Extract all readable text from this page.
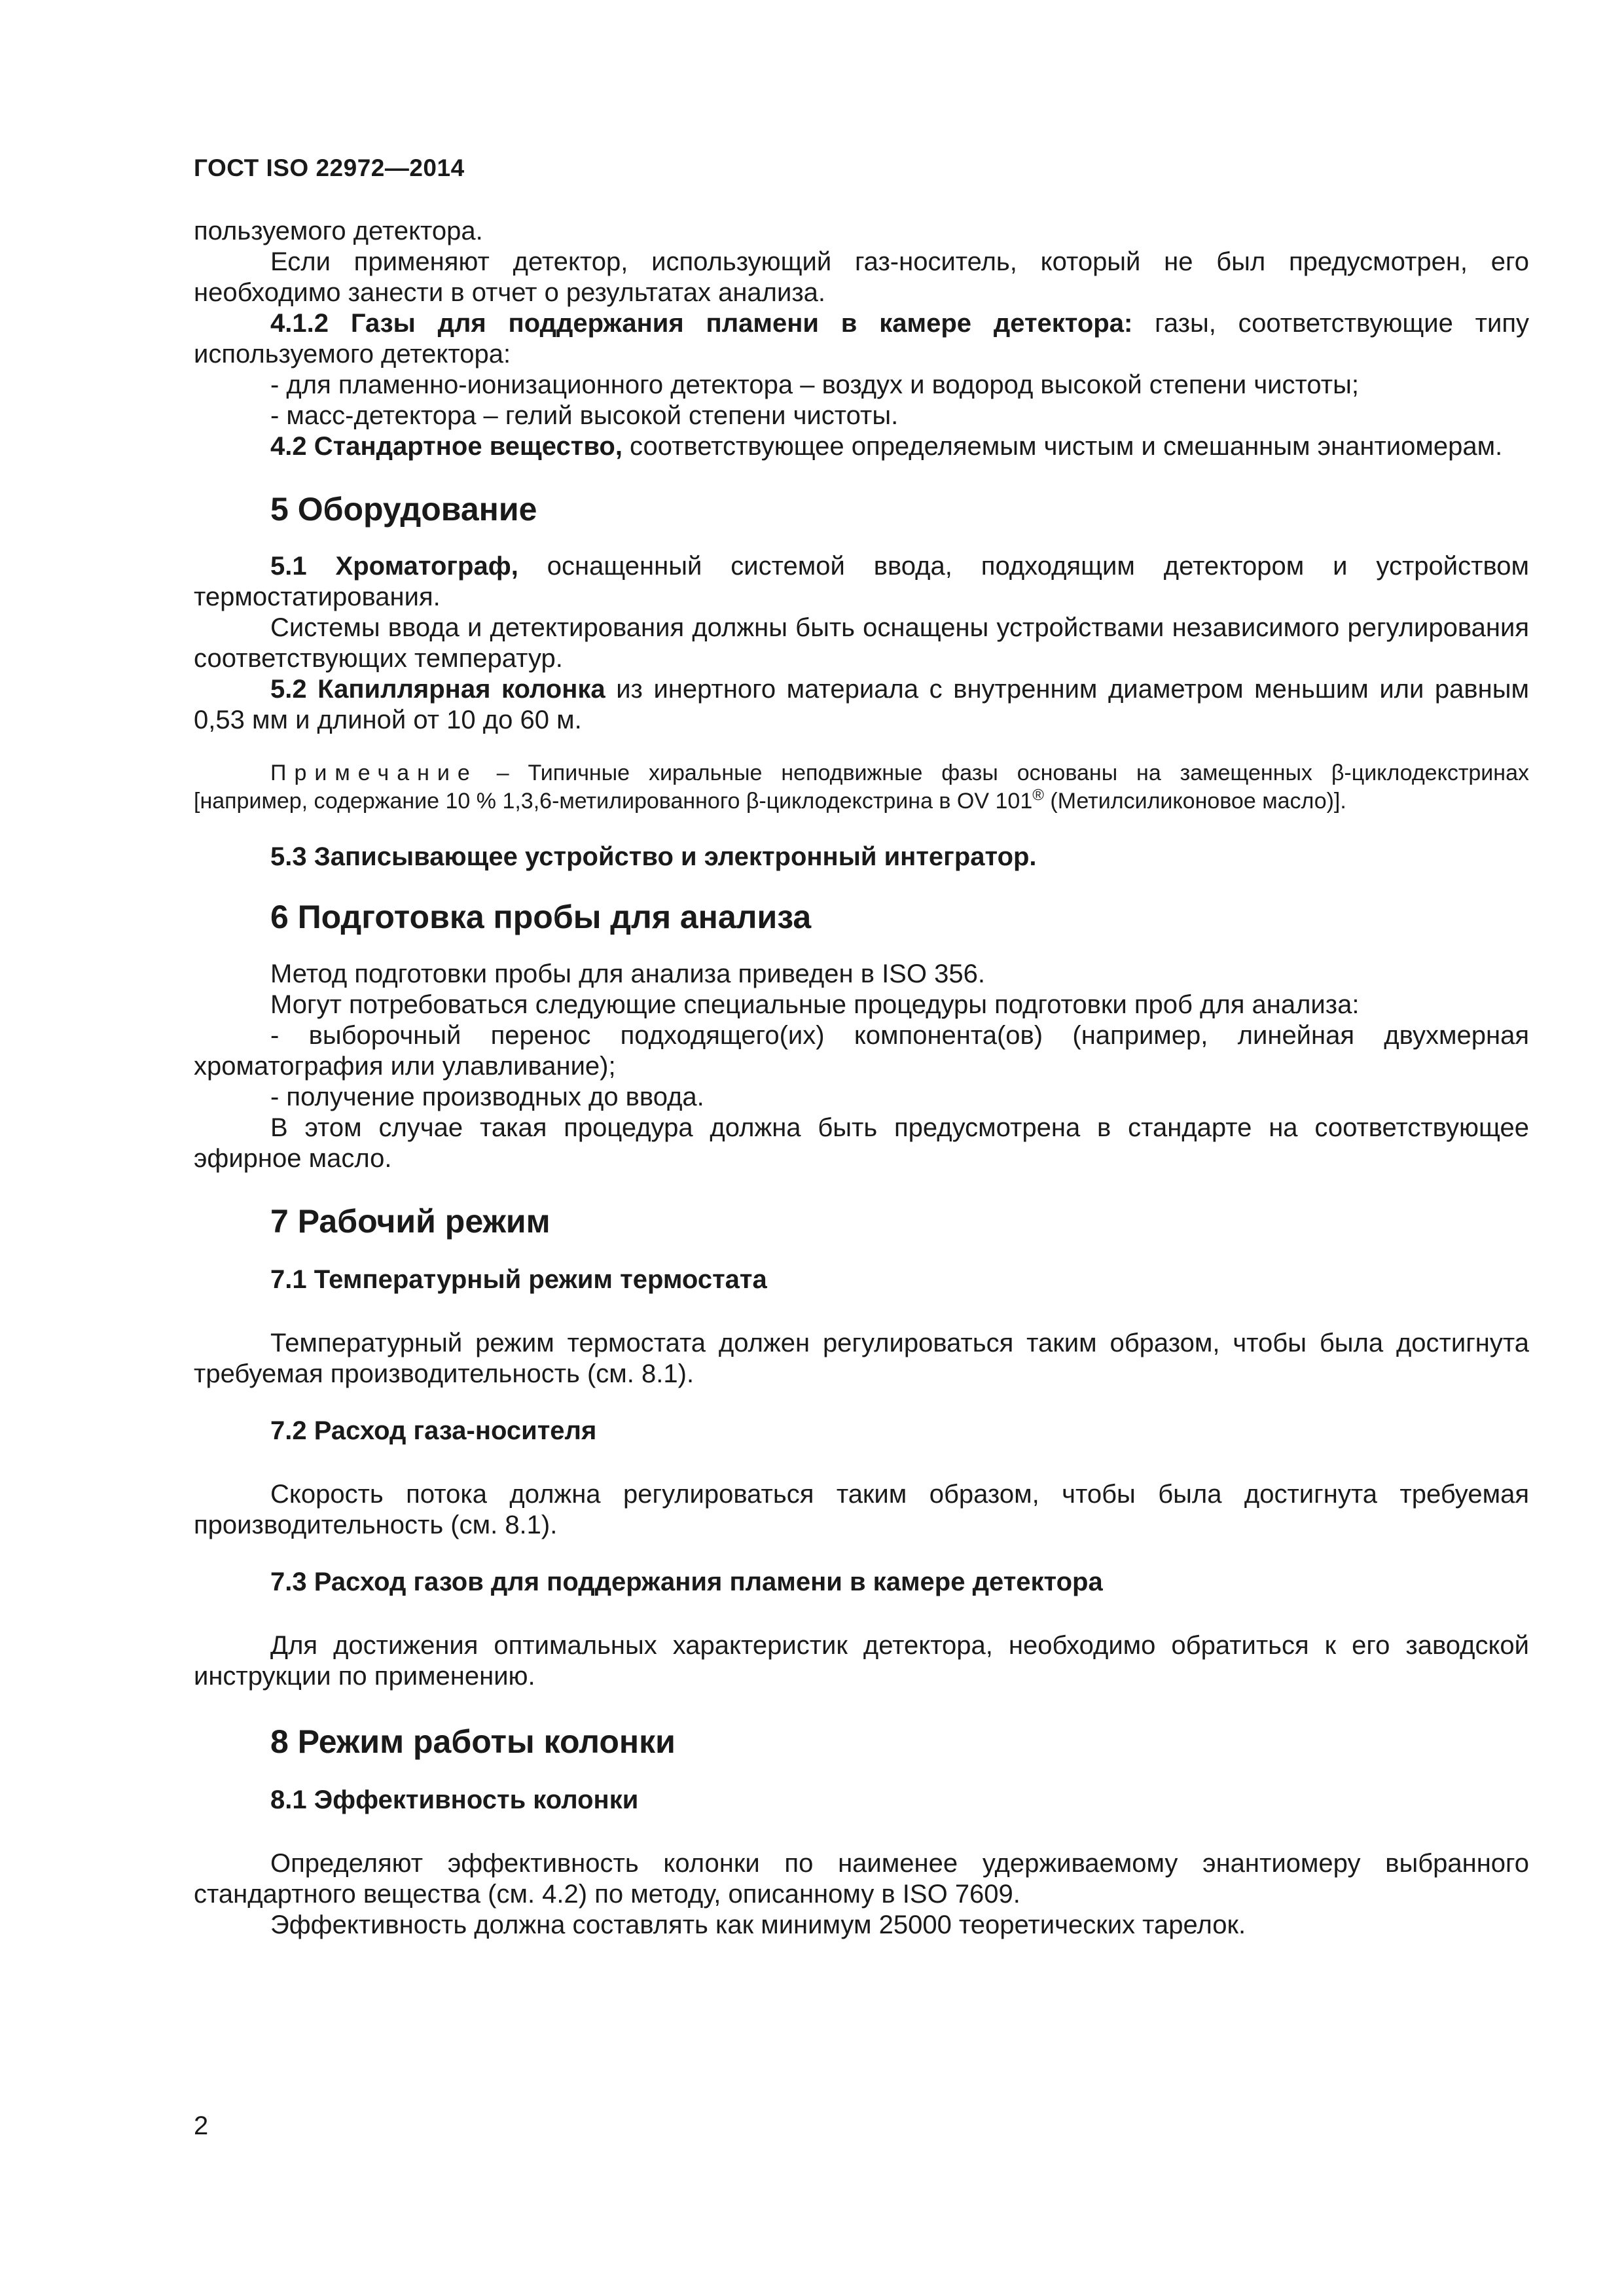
ГОСТ ISO 22972—2014

пользуемого детектора.

Если применяют детектор, использующий газ-носитель, который не был предусмотрен, его необходимо занести в отчет о результатах анализа.

4.1.2 Газы для поддержания пламени в камере детектора: газы, соответствующие типу используемого детектора:

- для пламенно-ионизационного детектора – воздух и водород высокой степени чистоты;

- масс-детектора – гелий высокой степени чистоты.

4.2 Стандартное вещество, соответствующее определяемым чистым и смешанным энантиомерам.

5 Оборудование

5.1 Хроматограф, оснащенный системой ввода, подходящим детектором и устройством термостатирования.

Системы ввода и детектирования должны быть оснащены устройствами независимого регулирования соответствующих температур.

5.2 Капиллярная колонка из инертного материала с внутренним диаметром меньшим или равным 0,53 мм и длиной от 10 до 60 м.

Примечание – Типичные хиральные неподвижные фазы основаны на замещенных β-циклодекстринах [например, содержание 10 % 1,3,6-метилированного β-циклодекстрина в OV 101® (Метилсиликоновое масло)].

5.3 Записывающее устройство и электронный интегратор.
6 Подготовка пробы для анализа

Метод подготовки пробы для анализа приведен в ISO 356.

Могут потребоваться следующие специальные процедуры подготовки проб для анализа:

- выборочный перенос подходящего(их) компонента(ов) (например, линейная двухмерная хроматография или улавливание);

- получение производных до ввода.

В этом случае такая процедура должна быть предусмотрена в стандарте на соответствующее эфирное масло.

7 Рабочий режим
7.1 Температурный режим термостата

Температурный режим термостата должен регулироваться таким образом, чтобы была достигнута требуемая производительность (см. 8.1).

7.2 Расход газа-носителя

Скорость потока должна регулироваться таким образом, чтобы была достигнута требуемая производительность (см. 8.1).

7.3 Расход газов для поддержания пламени в камере детектора

Для достижения оптимальных характеристик детектора, необходимо обратиться к его заводской инструкции по применению.

8 Режим работы колонки
8.1 Эффективность колонки

Определяют эффективность колонки по наименее удерживаемому энантиомеру выбранного стандартного вещества (см. 4.2) по методу, описанному в ISO 7609.

Эффективность должна составлять как минимум 25000 теоретических тарелок.

2
